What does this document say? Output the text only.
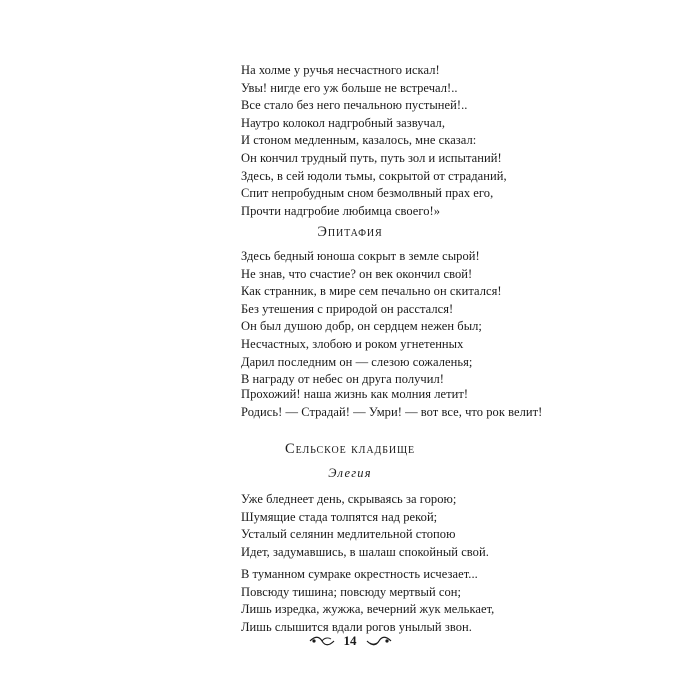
На холме у ручья несчастного искал!
Увы! нигде его уж больше не встречал!..
Все стало без него печальною пустыней!..
Наутро колокол надгробный зазвучал,
И стоном медленным, казалось, мне сказал:
Он кончил трудный путь, путь зол и испытаний!
Здесь, в сей юдоли тьмы, сокрытой от страданий,
Спит непробудным сном безмолвный прах его,
Прочти надгробие любимца своего!»
Эпитафия
Здесь бедный юноша сокрыт в земле сырой!
Не знав, что счастие? он век окончил свой!
Как странник, в мире сем печально он скитался!
Без утешения с природой он расстался!
Он был душою добр, он сердцем нежен был;
Несчастных, злобою и роком угнетенных
Дарил последним он — слезою сожаленья;
В награду от небес он друга получил!
Прохожий! наша жизнь как молния летит!
Родись! — Страдай! — Умри! — вот все, что рок велит!
Сельское кладбище
Элегия
Уже бледнеет день, скрываясь за горою;
Шумящие стада толпятся над рекой;
Усталый селянин медлительной стопою
Идет, задумавшись, в шалаш спокойный свой.
В туманном сумраке окрестность исчезает...
Повсюду тишина; повсюду мертвый сон;
Лишь изредка, жужжа, вечерний жук мелькает,
Лишь слышится вдали рогов унылый звон.
14
